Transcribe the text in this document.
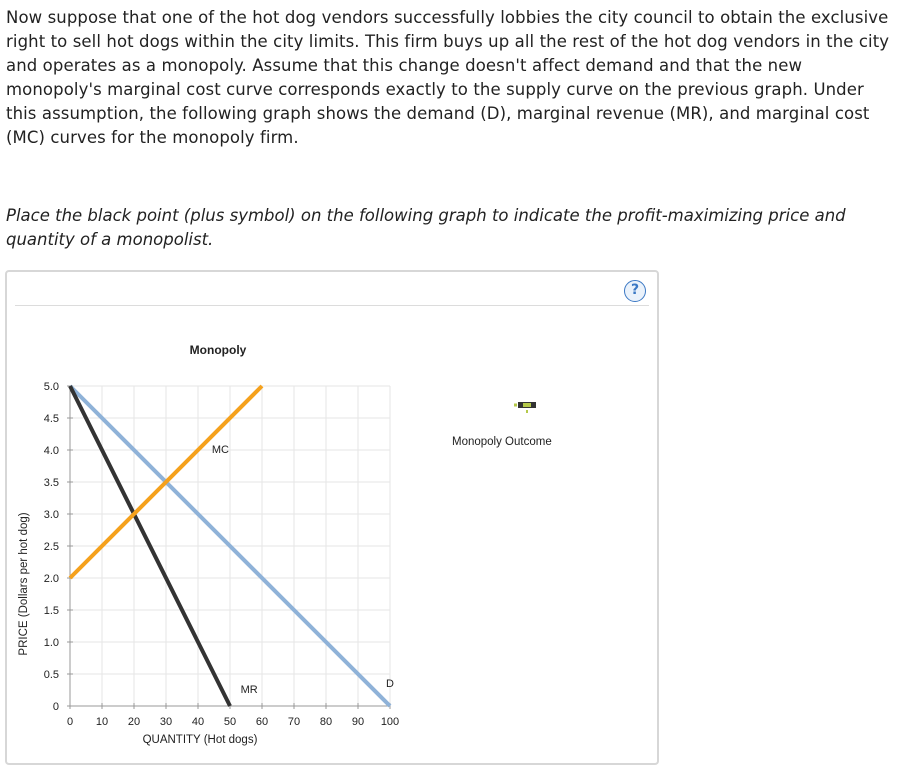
Now suppose that one of the hot dog vendors successfully lobbies the city council to obtain the exclusive right to sell hot dogs within the city limits. This firm buys up all the rest of the hot dog vendors in the city and operates as a monopoly. Assume that this change doesn't affect demand and that the new monopoly's marginal cost curve corresponds exactly to the supply curve on the previous graph. Under this assumption, the following graph shows the demand (D), marginal revenue (MR), and marginal cost (MC) curves for the monopoly firm.

Place the black point (plus symbol) on the following graph to indicate the profit-maximizing price and quantity of a monopolist.

?
0 10 20 30 40 50 60 70 80 90 100
0
0.5
1.0
1.5
2.0
2.5
3.0
3.5
4.0
4.5
5.0
D
MR
MC
Monopoly
QUANTITY (Hot dogs)
PRICE (Dollars per hot dog)
Monopoly Outcome
